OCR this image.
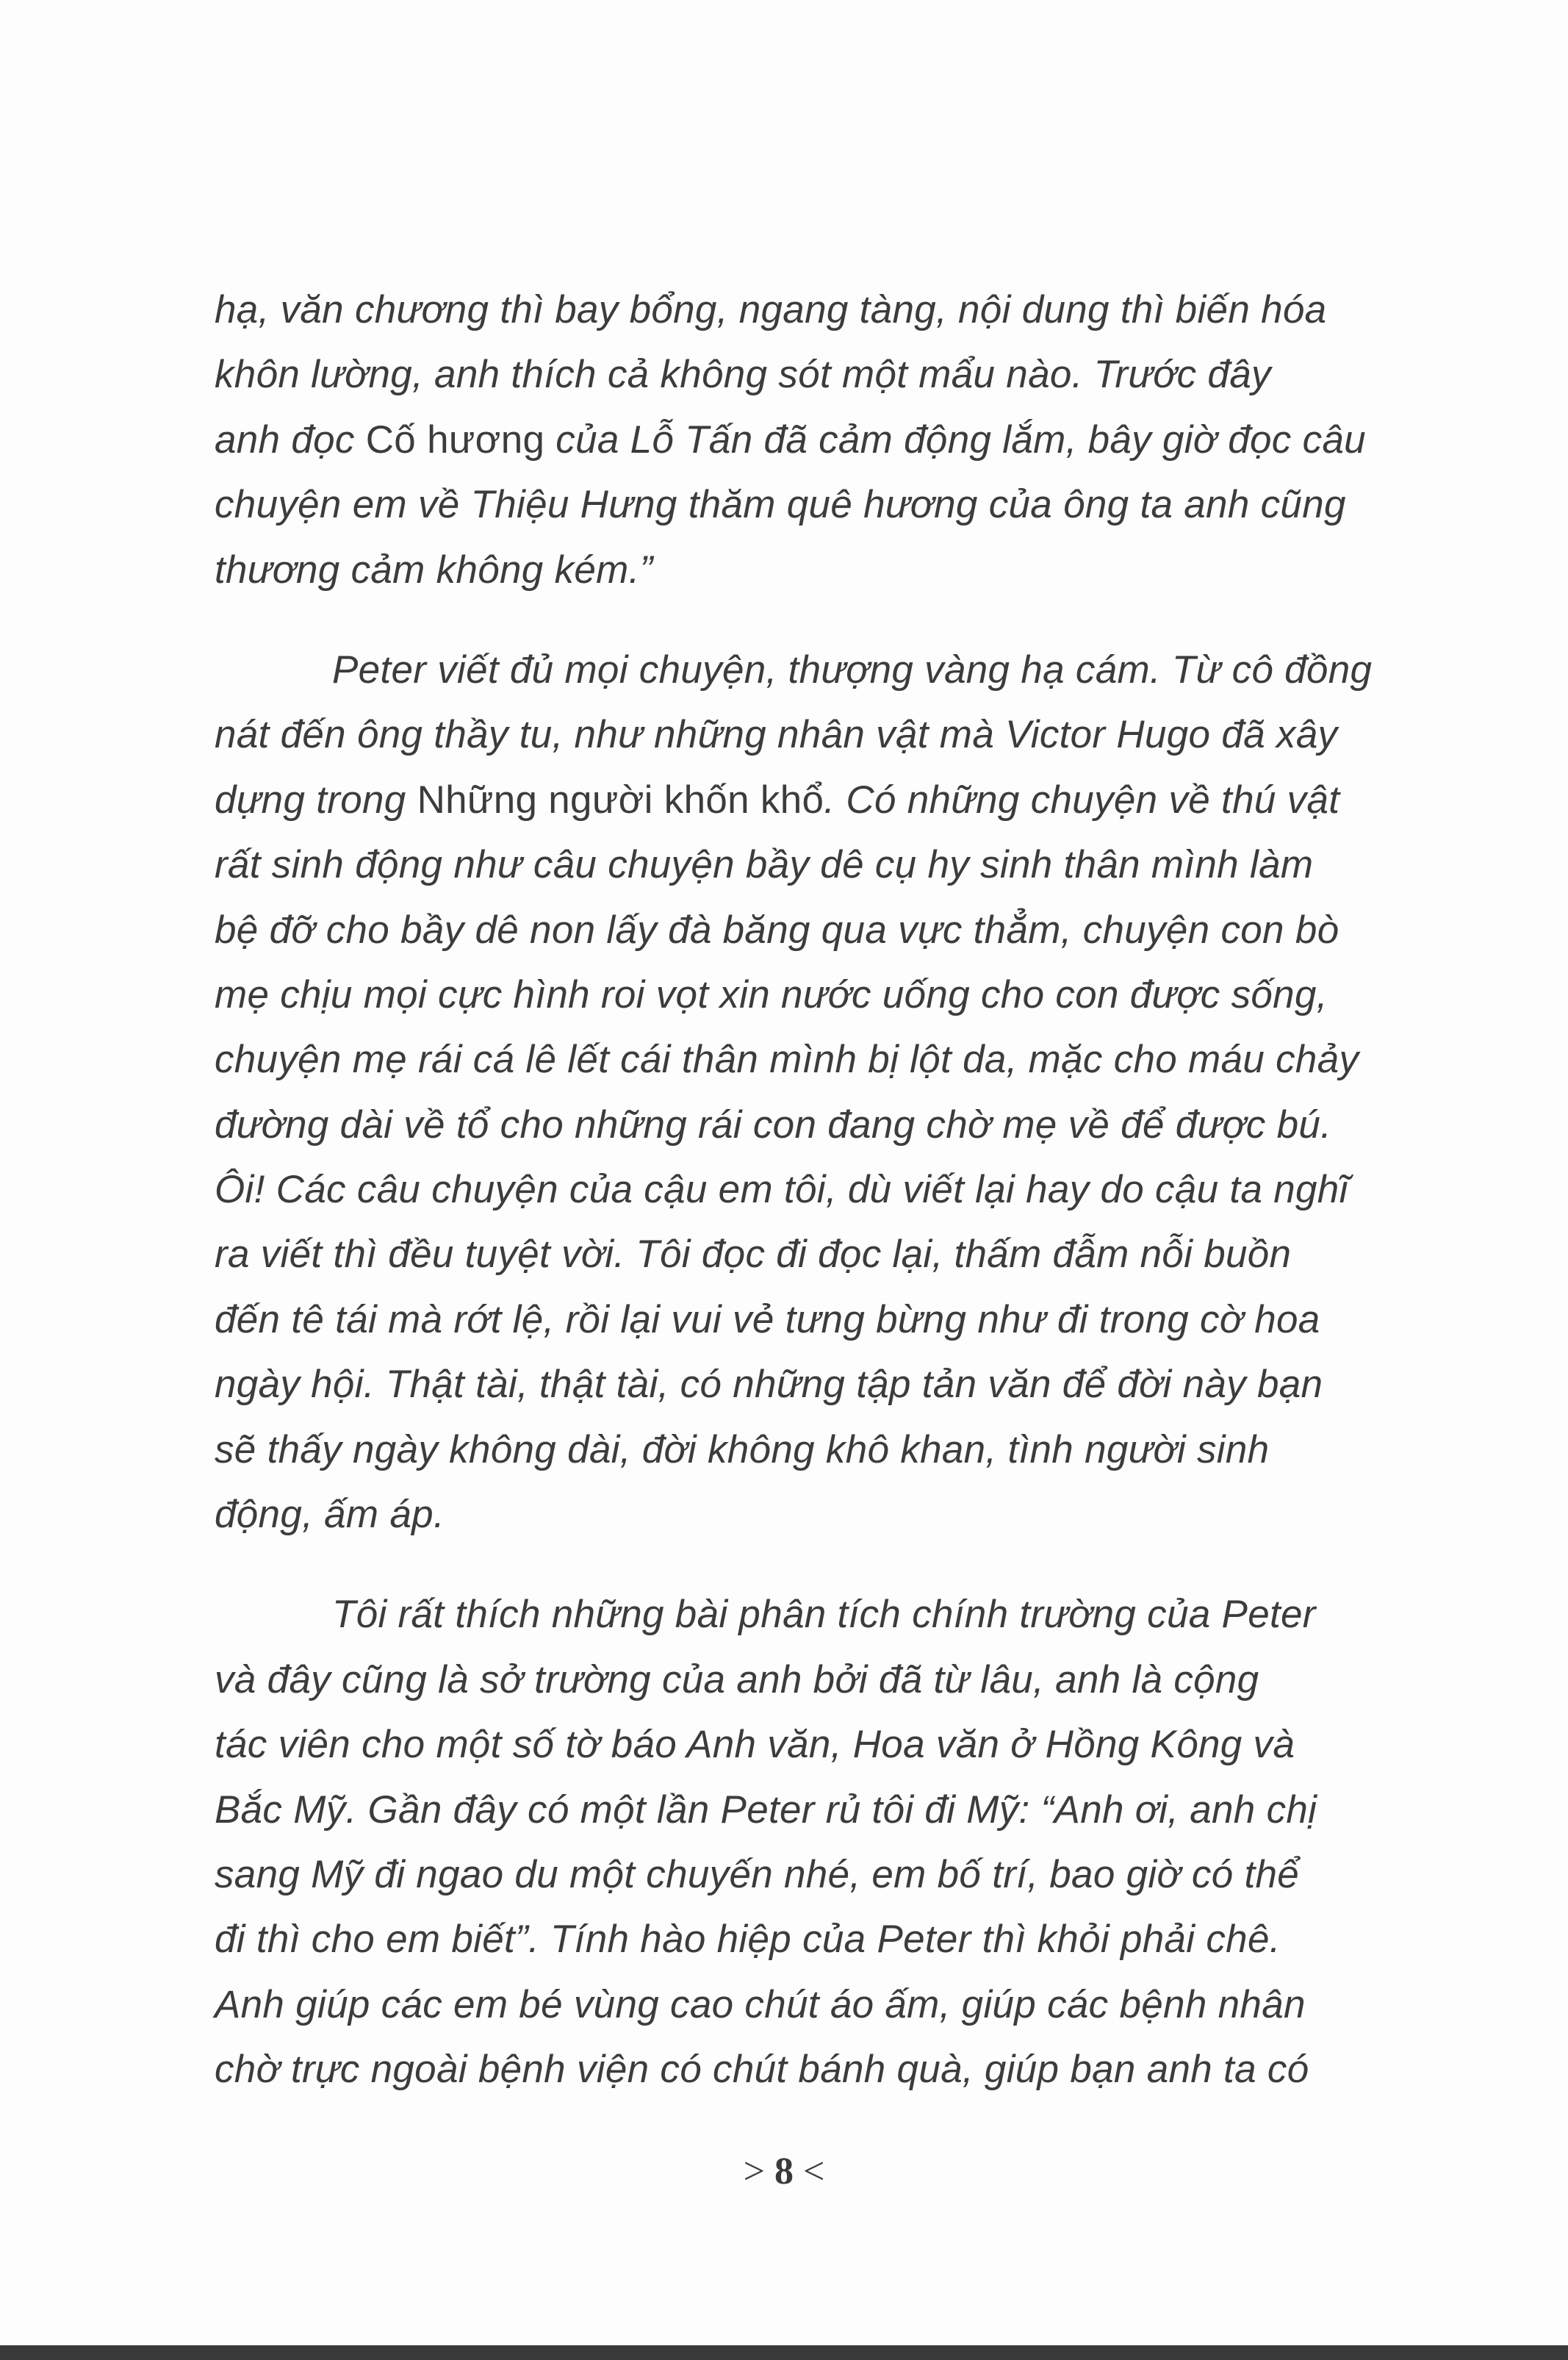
hạ, văn chương thì bay bổng, ngang tàng, nội dung thì biến hóa
khôn lường, anh thích cả không sót một mẩu nào. Trước đây
anh đọc Cố hương của Lỗ Tấn đã cảm động lắm, bây giờ đọc câu
chuyện em về Thiệu Hưng thăm quê hương của ông ta anh cũng
thương cảm không kém.”
Peter viết đủ mọi chuyện, thượng vàng hạ cám. Từ cô đồng
nát đến ông thầy tu, như những nhân vật mà Victor Hugo đã xây
dựng trong Những người khốn khổ. Có những chuyện về thú vật
rất sinh động như câu chuyện bầy dê cụ hy sinh thân mình làm
bệ đỡ cho bầy dê non lấy đà băng qua vực thẳm, chuyện con bò
mẹ chịu mọi cực hình roi vọt xin nước uống cho con được sống,
chuyện mẹ rái cá lê lết cái thân mình bị lột da, mặc cho máu chảy
đường dài về tổ cho những rái con đang chờ mẹ về để được bú.
Ôi! Các câu chuyện của cậu em tôi, dù viết lại hay do cậu ta nghĩ
ra viết thì đều tuyệt vời. Tôi đọc đi đọc lại, thấm đẫm nỗi buồn
đến tê tái mà rớt lệ, rồi lại vui vẻ tưng bừng như đi trong cờ hoa
ngày hội. Thật tài, thật tài, có những tập tản văn để đời này bạn
sẽ thấy ngày không dài, đời không khô khan, tình người sinh
động, ấm áp.
Tôi rất thích những bài phân tích chính trường của Peter
và đây cũng là sở trường của anh bởi đã từ lâu, anh là cộng
tác viên cho một số tờ báo Anh văn, Hoa văn ở Hồng Kông và
Bắc Mỹ. Gần đây có một lần Peter rủ tôi đi Mỹ: “Anh ơi, anh chị
sang Mỹ đi ngao du một chuyến nhé, em bố trí, bao giờ có thể
đi thì cho em biết”. Tính hào hiệp của Peter thì khỏi phải chê.
Anh giúp các em bé vùng cao chút áo ấm, giúp các bệnh nhân
chờ trực ngoài bệnh viện có chút bánh quà, giúp bạn anh ta có
> 8 <
